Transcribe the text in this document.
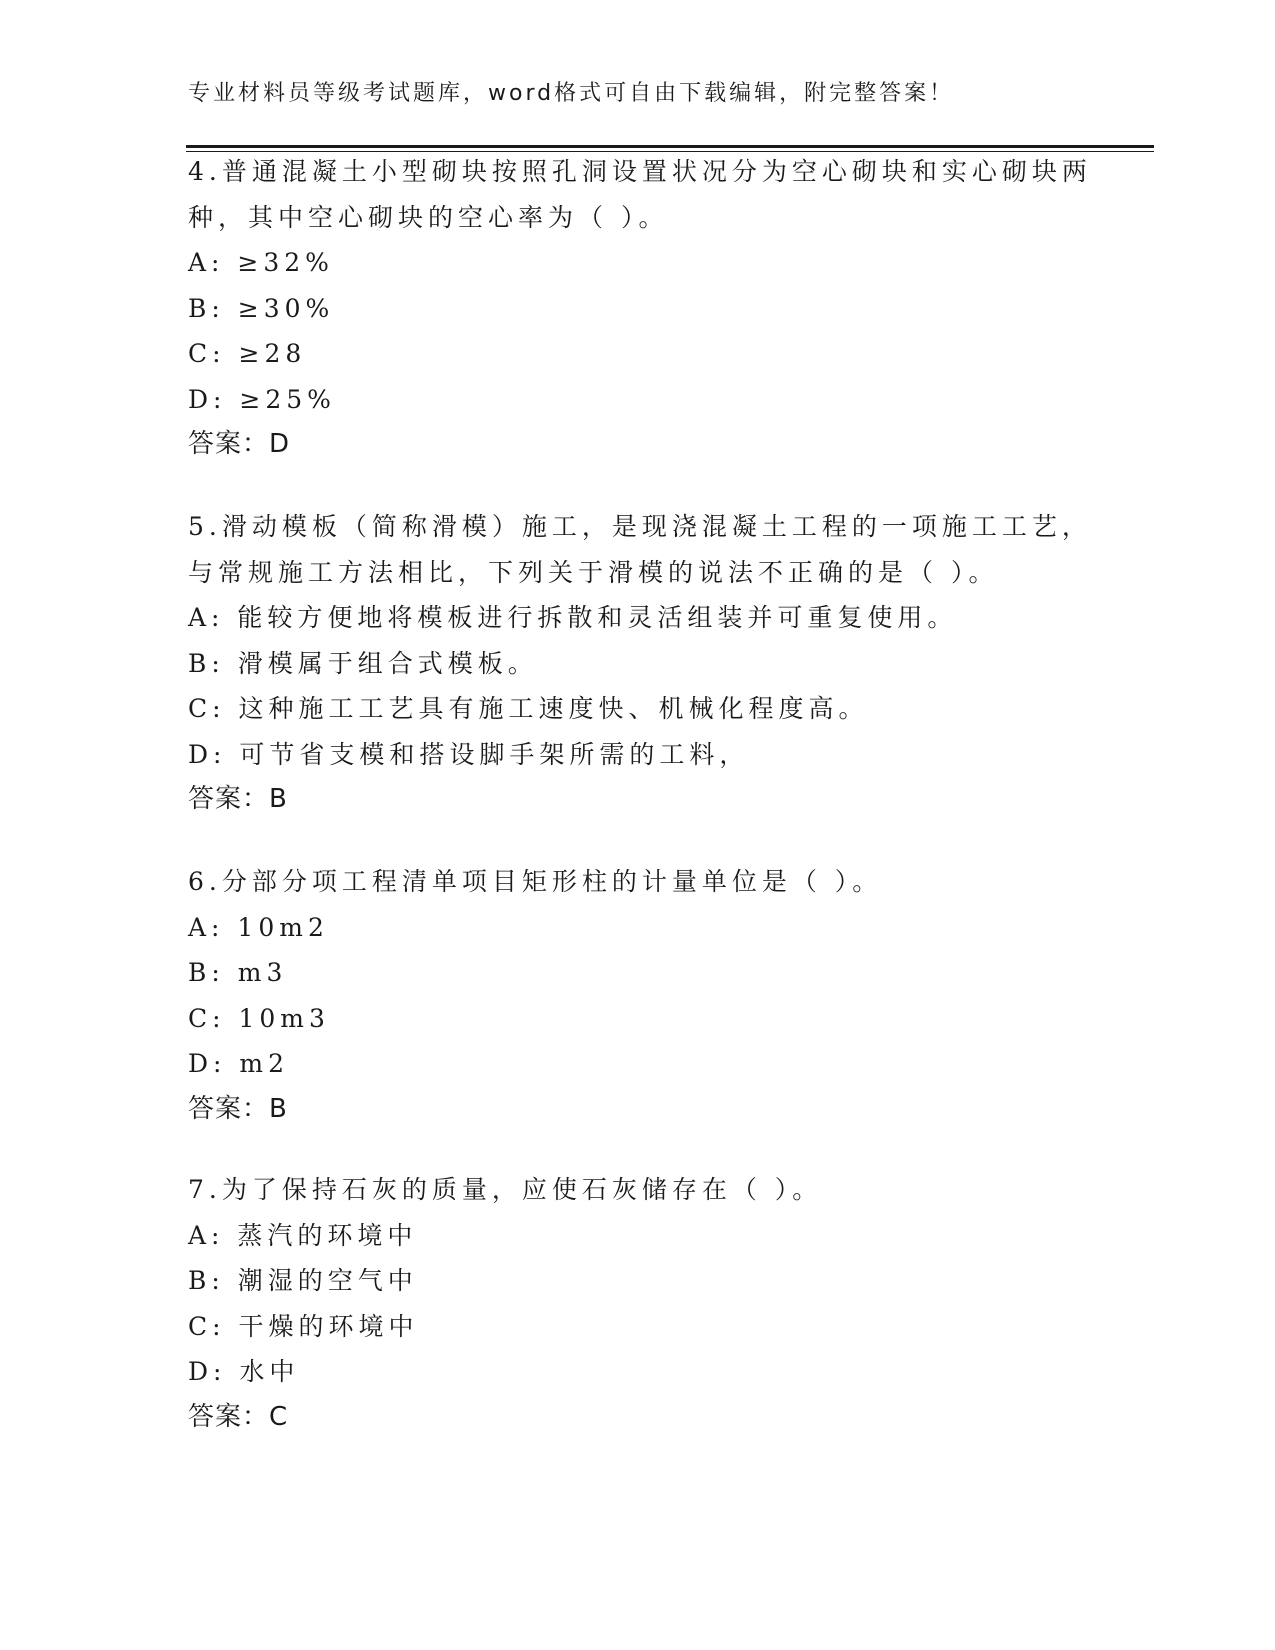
专业材料员等级考试题库，word格式可自由下载编辑，附完整答案！
4.普通混凝土小型砌块按照孔洞设置状况分为空心砌块和实心砌块两
种，其中空心砌块的空心率为（ ）。
A: ≥32%
B: ≥30%
C: ≥28
D: ≥25%
答案：D
5.滑动模板（简称滑模）施工，是现浇混凝土工程的一项施工工艺，
与常规施工方法相比，下列关于滑模的说法不正确的是（ ）。
A: 能较方便地将模板进行拆散和灵活组装并可重复使用。
B: 滑模属于组合式模板。
C: 这种施工工艺具有施工速度快、机械化程度高。
D: 可节省支模和搭设脚手架所需的工料，
答案：B
6.分部分项工程清单项目矩形柱的计量单位是（ ）。
A: 10m2
B: m3
C: 10m3
D: m2
答案：B
7.为了保持石灰的质量，应使石灰储存在（ ）。
A: 蒸汽的环境中
B: 潮湿的空气中
C: 干燥的环境中
D: 水中
答案：C
